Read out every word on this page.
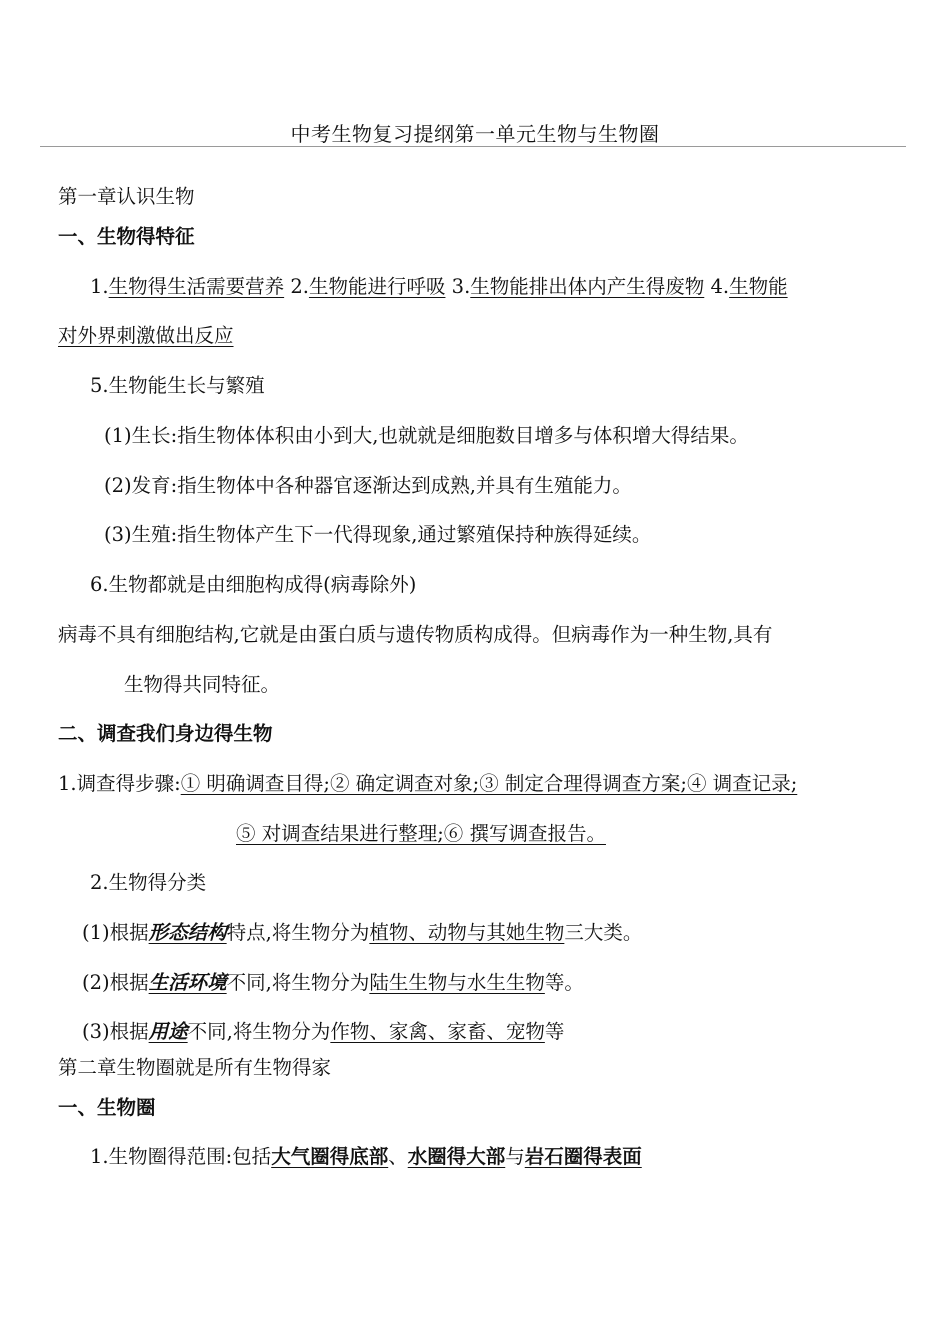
中考生物复习提纲第一单元生物与生物圈
第一章认识生物
一、生物得特征
1.生物得生活需要营养 2.生物能进行呼吸 3.生物能排出体内产生得废物 4.生物能
对外界刺激做出反应
5.生物能生长与繁殖
(1)生长:指生物体体积由小到大,也就就是细胞数目增多与体积增大得结果。
(2)发育:指生物体中各种器官逐渐达到成熟,并具有生殖能力。
(3)生殖:指生物体产生下一代得现象,通过繁殖保持种族得延续。
6.生物都就是由细胞构成得(病毒除外)
病毒不具有细胞结构,它就是由蛋白质与遗传物质构成得。但病毒作为一种生物,具有
生物得共同特征。
二、调查我们身边得生物
1.调查得步骤:① 明确调查目得;② 确定调查对象;③ 制定合理得调查方案;④ 调查记录;
⑤ 对调查结果进行整理;⑥ 撰写调查报告。
2.生物得分类
(1)根据形态结构特点,将生物分为植物、动物与其她生物三大类。
(2)根据生活环境不同,将生物分为陆生生物与水生生物等。
(3)根据用途不同,将生物分为作物、家禽、家畜、宠物等
第二章生物圈就是所有生物得家
一、生物圈
1.生物圈得范围:包括大气圈得底部、水圈得大部与岩石圈得表面
